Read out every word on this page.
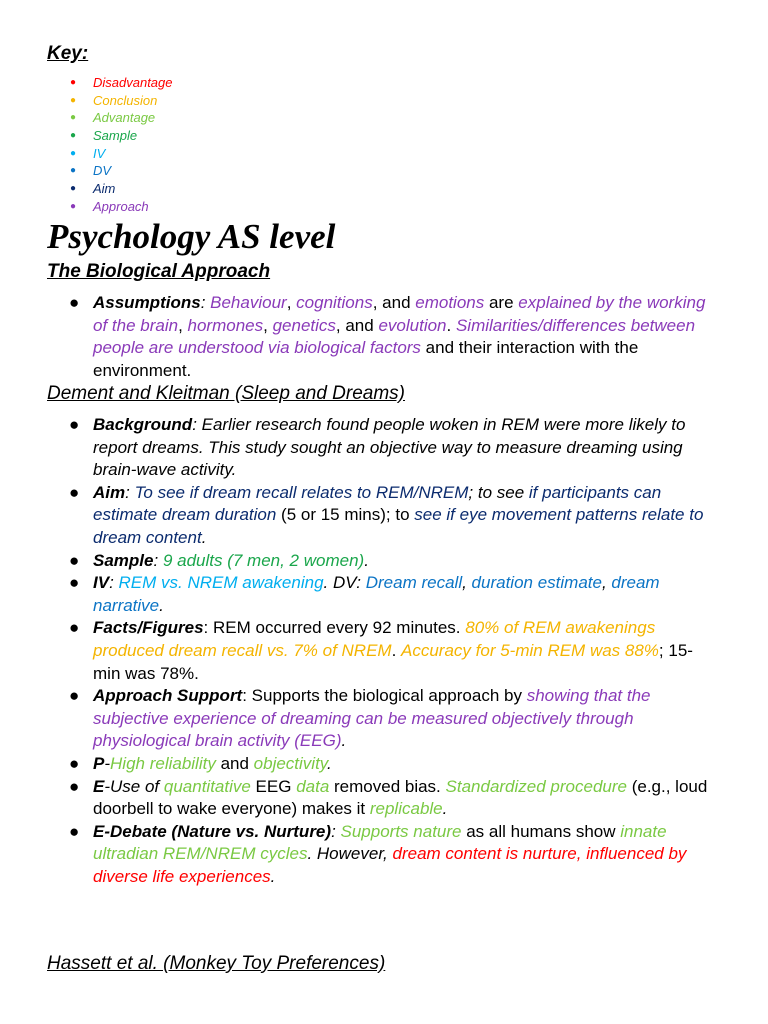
Key:
● Disadvantage
● Conclusion
● Advantage
● Sample
● IV
● DV
● Aim
● Approach
Psychology AS level
The Biological Approach
● Assumptions: Behaviour, cognitions, and emotions are explained by the working of the brain, hormones, genetics, and evolution. Similarities/differences between people are understood via biological factors and their interaction with the environment.
Dement and Kleitman (Sleep and Dreams)
● Background: Earlier research found people woken in REM were more likely to report dreams. This study sought an objective way to measure dreaming using brain-wave activity.
● Aim: To see if dream recall relates to REM/NREM; to see if participants can estimate dream duration (5 or 15 mins); to see if eye movement patterns relate to dream content.
● Sample: 9 adults (7 men, 2 women).
● IV: REM vs. NREM awakening. DV: Dream recall, duration estimate, dream narrative.
● Facts/Figures: REM occurred every 92 minutes. 80% of REM awakenings produced dream recall vs. 7% of NREM. Accuracy for 5-min REM was 88%; 15-min was 78%.
● Approach Support: Supports the biological approach by showing that the subjective experience of dreaming can be measured objectively through physiological brain activity (EEG).
● P-High reliability and objectivity.
● E-Use of quantitative EEG data removed bias. Standardized procedure (e.g., loud doorbell to wake everyone) makes it replicable.
● E-Debate (Nature vs. Nurture): Supports nature as all humans show innate ultradian REM/NREM cycles. However, dream content is nurture, influenced by diverse life experiences.
Hassett et al. (Monkey Toy Preferences)
